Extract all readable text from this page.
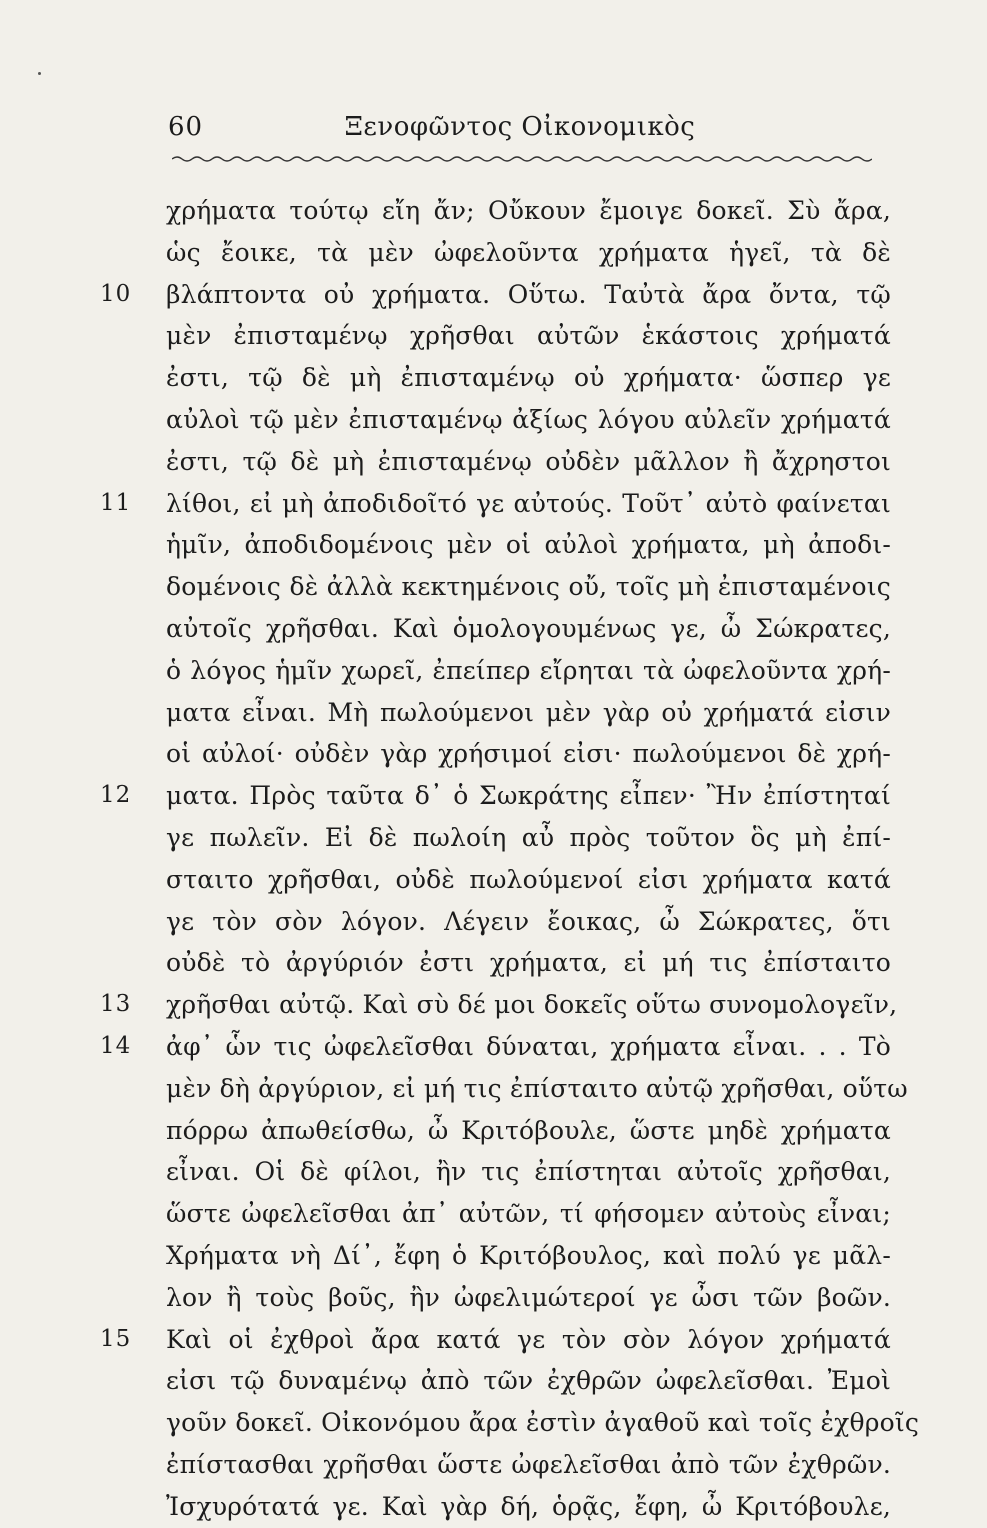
60	Ξενοφῶντος Οἰκονομικὸς
χρήματα τούτῳ εἴη ἄν; Οὔκουν ἔμοιγε δοκεῖ. Σὺ ἄρα,
ὡς ἔοικε, τὰ μὲν ὠφελοῦντα χρήματα ἡγεῖ, τὰ δὲ
10	βλάπτοντα οὐ χρήματα. Οὕτω. Ταὐτὰ ἄρα ὄντα, τῷ
μὲν ἐπισταμένῳ χρῆσθαι αὐτῶν ἑκάστοις χρήματά
ἐστι, τῷ δὲ μὴ ἐπισταμένῳ οὐ χρήματα· ὥσπερ γε
αὐλοὶ τῷ μὲν ἐπισταμένῳ ἀξίως λόγου αὐλεῖν χρήματά
ἐστι, τῷ δὲ μὴ ἐπισταμένῳ οὐδὲν μᾶλλον ἢ ἄχρηστοι
11	λίθοι, εἰ μὴ ἀποδιδοῖτό γε αὐτούς. Τοῦτ᾽ αὐτὸ φαίνεται
ἡμῖν, ἀποδιδομένοις μὲν οἱ αὐλοὶ χρήματα, μὴ ἀποδι-
δομένοις δὲ ἀλλὰ κεκτημένοις οὔ, τοῖς μὴ ἐπισταμένοις
αὐτοῖς χρῆσθαι. Καὶ ὁμολογουμένως γε, ὦ Σώκρατες,
ὁ λόγος ἡμῖν χωρεῖ, ἐπείπερ εἴρηται τὰ ὠφελοῦντα χρή-
ματα εἶναι. Μὴ πωλούμενοι μὲν γὰρ οὐ χρήματά εἰσιν
οἱ αὐλοί· οὐδὲν γὰρ χρήσιμοί εἰσι· πωλούμενοι δὲ χρή-
12	ματα. Πρὸς ταῦτα δ᾽ ὁ Σωκράτης εἶπεν· Ἢν ἐπίστηταί
γε πωλεῖν. Εἰ δὲ πωλοίη αὖ πρὸς τοῦτον ὃς μὴ ἐπί-
σταιτο χρῆσθαι, οὐδὲ πωλούμενοί εἰσι χρήματα κατά
γε τὸν σὸν λόγον. Λέγειν ἔοικας, ὦ Σώκρατες, ὅτι
οὐδὲ τὸ ἀργύριόν ἐστι χρήματα, εἰ μή τις ἐπίσταιτο
13	χρῆσθαι αὐτῷ. Καὶ σὺ δέ μοι δοκεῖς οὕτω συνομολογεῖν,
14	ἀφ᾽ ὧν τις ὠφελεῖσθαι δύναται, χρήματα εἶναι. . . Τὸ
μὲν δὴ ἀργύριον, εἰ μή τις ἐπίσταιτο αὐτῷ χρῆσθαι, οὕτω
πόρρω ἀπωθείσθω, ὦ Κριτόβουλε, ὥστε μηδὲ χρήματα
εἶναι. Οἱ δὲ φίλοι, ἢν τις ἐπίστηται αὐτοῖς χρῆσθαι,
ὥστε ὠφελεῖσθαι ἀπ᾽ αὐτῶν, τί φήσομεν αὐτοὺς εἶναι;
Χρήματα νὴ Δί᾽, ἔφη ὁ Κριτόβουλος, καὶ πολύ γε μᾶλ-
λον ἢ τοὺς βοῦς, ἢν ὠφελιμώτεροί γε ὦσι τῶν βοῶν.
15	Καὶ οἱ ἐχθροὶ ἄρα κατά γε τὸν σὸν λόγον χρήματά
εἰσι τῷ δυναμένῳ ἀπὸ τῶν ἐχθρῶν ὠφελεῖσθαι. Ἐμοὶ
γοῦν δοκεῖ. Οἰκονόμου ἄρα ἐστὶν ἀγαθοῦ καὶ τοῖς ἐχθροῖς
ἐπίστασθαι χρῆσθαι ὥστε ὠφελεῖσθαι ἀπὸ τῶν ἐχθρῶν.
Ἰσχυρότατά γε. Καὶ γὰρ δή, ὁρᾷς, ἔφη, ὦ Κριτόβουλε,
